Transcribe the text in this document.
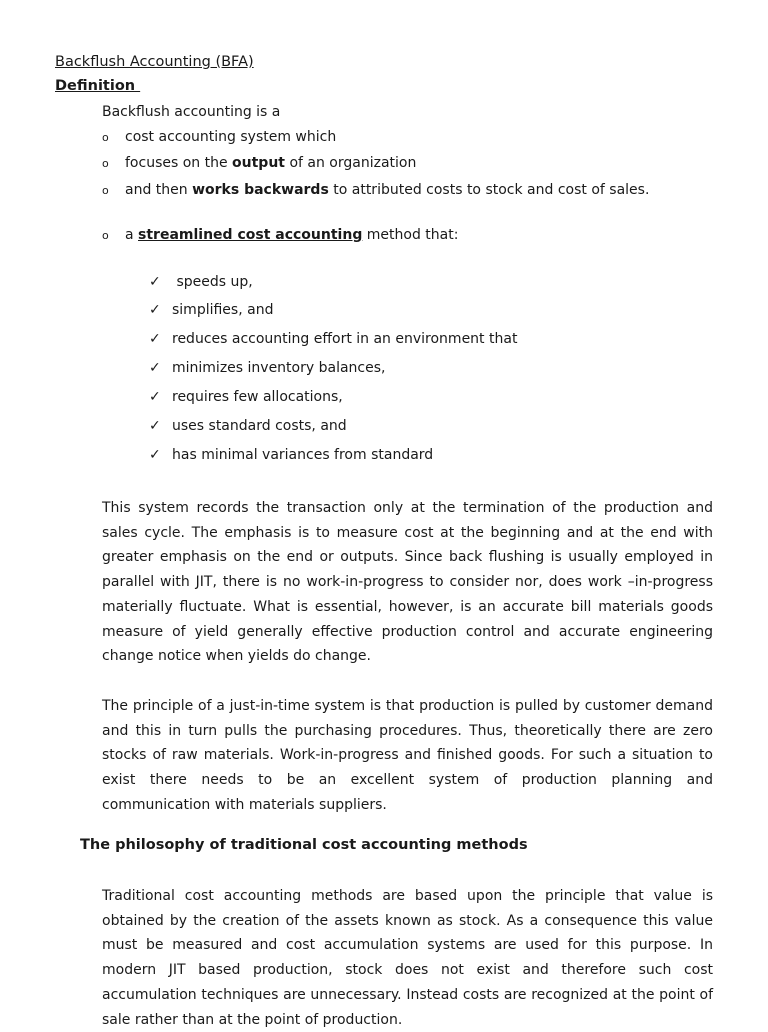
Backflush Accounting (BFA)
Definition
Backflush accounting is a
o cost accounting system which
o focuses on the output of an organization
o and then works backwards to attributed costs to stock and cost of sales.
o a streamlined cost accounting method that:
✓ speeds up,
✓ simplifies, and
✓ reduces accounting effort in an environment that
✓ minimizes inventory balances,
✓ requires few allocations,
✓ uses standard costs, and
✓ has minimal variances from standard
This system records the transaction only at the termination of the production and sales cycle. The emphasis is to measure cost at the beginning and at the end with greater emphasis on the end or outputs. Since back flushing is usually employed in parallel with JIT, there is no work-in-progress to consider nor, does work –in-progress materially fluctuate. What is essential, however, is an accurate bill materials goods measure of yield generally effective production control and accurate engineering change notice when yields do change.
The principle of a just-in-time system is that production is pulled by customer demand and this in turn pulls the purchasing procedures. Thus, theoretically there are zero stocks of raw materials. Work-in-progress and finished goods. For such a situation to exist there needs to be an excellent system of production planning and communication with materials suppliers.
The philosophy of traditional cost accounting methods
Traditional cost accounting methods are based upon the principle that value is obtained by the creation of the assets known as stock. As a consequence this value must be measured and cost accumulation systems are used for this purpose. In modern JIT based production, stock does not exist and therefore such cost accumulation techniques are unnecessary. Instead costs are recognized at the point of sale rather than at the point of production.
